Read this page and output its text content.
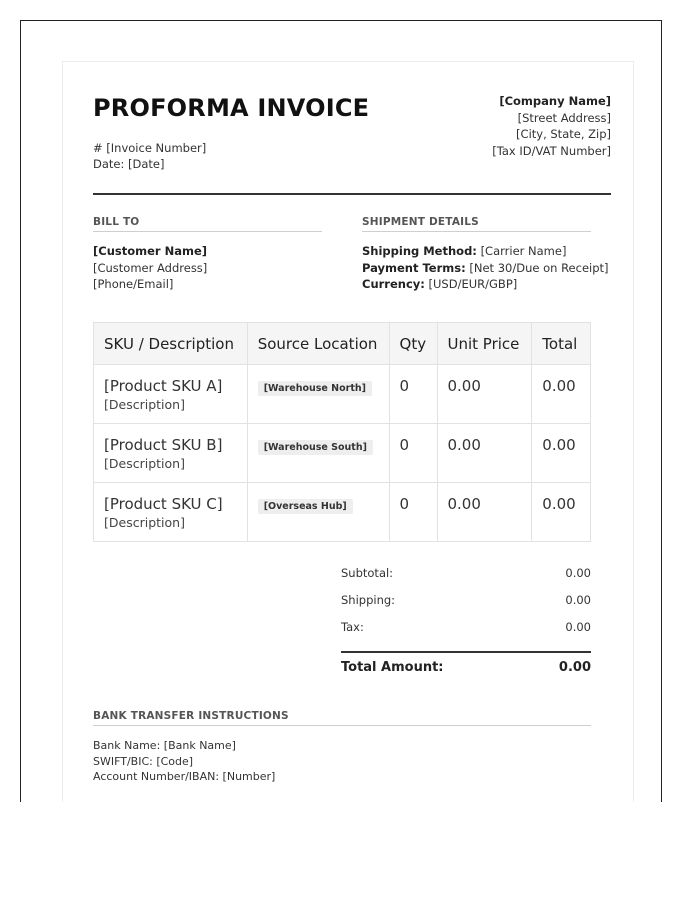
PROFORMA INVOICE
# [Invoice Number]
Date: [Date]
[Company Name]
[Street Address]
[City, State, Zip]
[Tax ID/VAT Number]
BILL TO
[Customer Name]
[Customer Address]
[Phone/Email]
SHIPMENT DETAILS
Shipping Method: [Carrier Name]
Payment Terms: [Net 30/Due on Receipt]
Currency: [USD/EUR/GBP]
SKU / Description	Source Location	Qty	Unit Price	Total

[Product SKU A]
[Description]	[Warehouse North]	0	0.00	0.00

[Product SKU B]
[Description]	[Warehouse South]	0	0.00	0.00

[Product SKU C]
[Description]	[Overseas Hub]	0	0.00	0.00
Subtotal:	0.00
Shipping:	0.00
Tax:	0.00
Total Amount:	0.00
BANK TRANSFER INSTRUCTIONS
Bank Name: [Bank Name]
SWIFT/BIC: [Code]
Account Number/IBAN: [Number]
